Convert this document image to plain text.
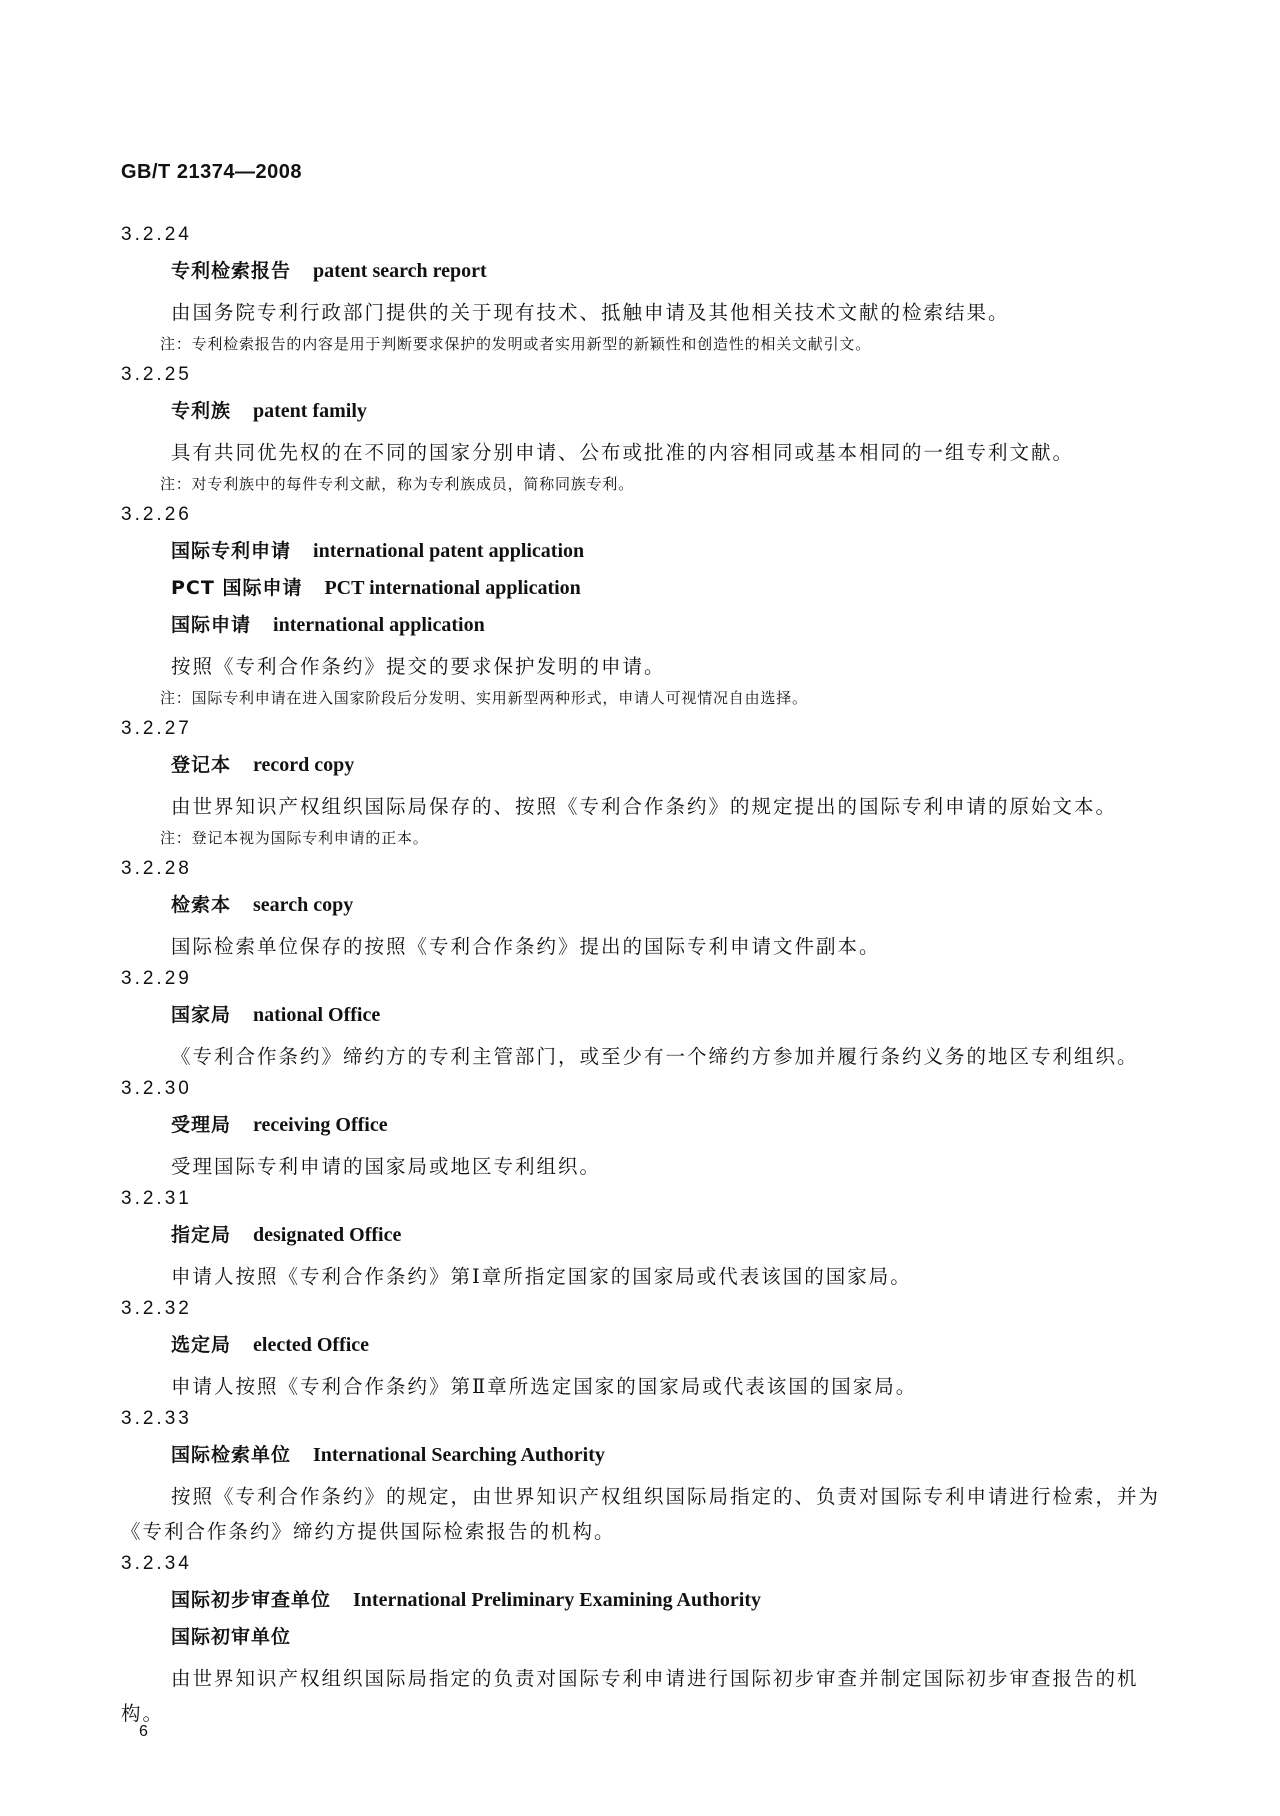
GB/T 21374—2008
3.2.24
专利检索报告 patent search report
由国务院专利行政部门提供的关于现有技术、抵触申请及其他相关技术文献的检索结果。
注：专利检索报告的内容是用于判断要求保护的发明或者实用新型的新颖性和创造性的相关文献引文。
3.2.25
专利族 patent family
具有共同优先权的在不同的国家分别申请、公布或批准的内容相同或基本相同的一组专利文献。
注：对专利族中的每件专利文献，称为专利族成员，简称同族专利。
3.2.26
国际专利申请 international patent application
PCT 国际申请 PCT international application
国际申请 international application
按照《专利合作条约》提交的要求保护发明的申请。
注：国际专利申请在进入国家阶段后分发明、实用新型两种形式，申请人可视情况自由选择。
3.2.27
登记本 record copy
由世界知识产权组织国际局保存的、按照《专利合作条约》的规定提出的国际专利申请的原始文本。
注：登记本视为国际专利申请的正本。
3.2.28
检索本 search copy
国际检索单位保存的按照《专利合作条约》提出的国际专利申请文件副本。
3.2.29
国家局 national Office
《专利合作条约》缔约方的专利主管部门，或至少有一个缔约方参加并履行条约义务的地区专利组织。
3.2.30
受理局 receiving Office
受理国际专利申请的国家局或地区专利组织。
3.2.31
指定局 designated Office
申请人按照《专利合作条约》第Ⅰ章所指定国家的国家局或代表该国的国家局。
3.2.32
选定局 elected Office
申请人按照《专利合作条约》第Ⅱ章所选定国家的国家局或代表该国的国家局。
3.2.33
国际检索单位 International Searching Authority
按照《专利合作条约》的规定，由世界知识产权组织国际局指定的、负责对国际专利申请进行检索，并为《专利合作条约》缔约方提供国际检索报告的机构。
3.2.34
国际初步审查单位 International Preliminary Examining Authority
国际初审单位
由世界知识产权组织国际局指定的负责对国际专利申请进行国际初步审查并制定国际初步审查报告的机构。
6
